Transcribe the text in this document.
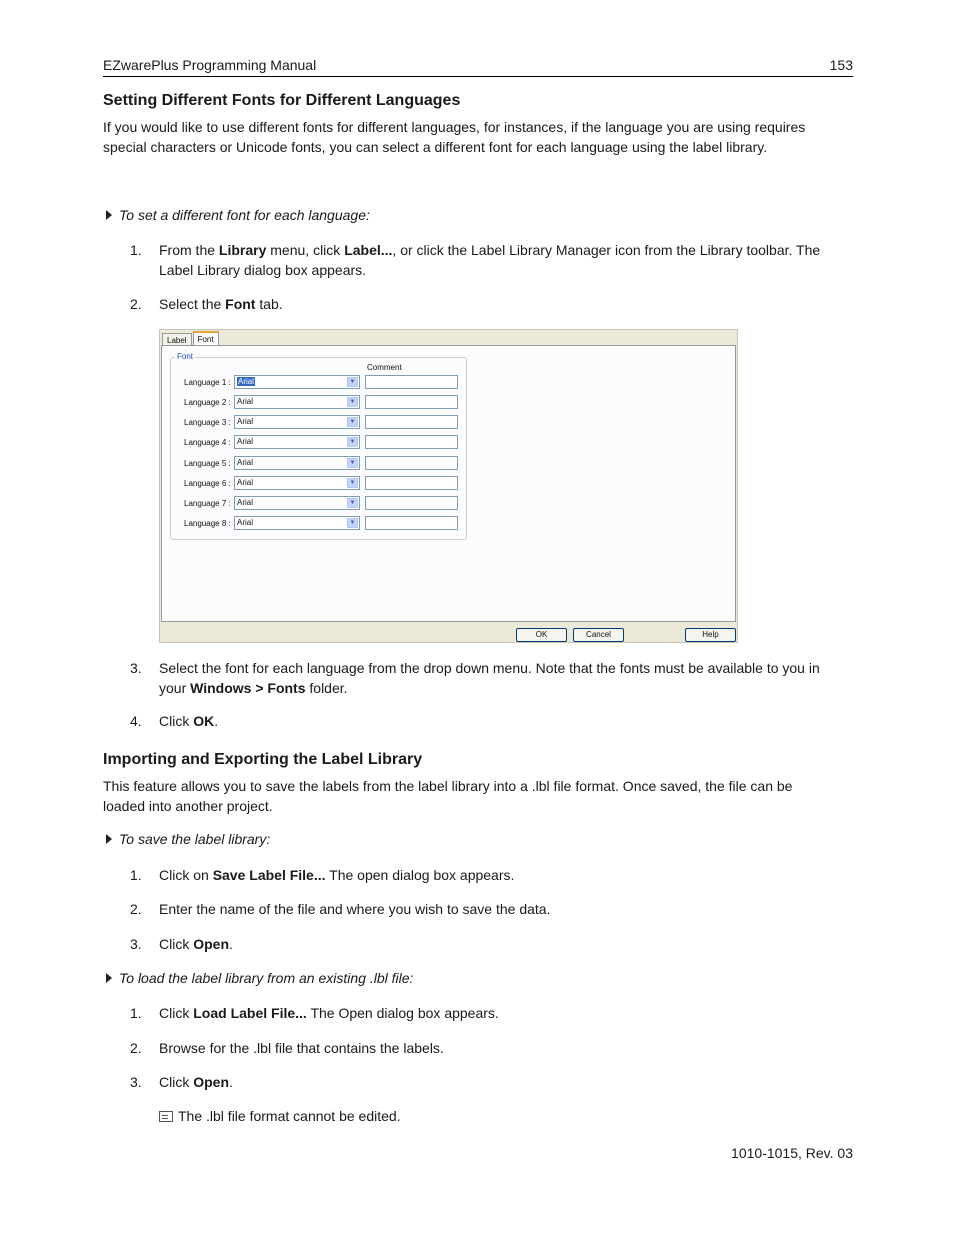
EZwarePlus Programming Manual	153
Setting Different Fonts for Different Languages
If you would like to use different fonts for different languages, for instances, if the language you are using requires
special characters or Unicode fonts, you can select a different font for each language using the label library.
To set a different font for each language:
1. From the Library menu, click Label..., or click the Label Library Manager icon from the Library toolbar. The
Label Library dialog box appears.
2. Select the Font tab.
Label	Font
Font
Comment
Language 1 : Arial	▼
Language 2 : Arial	▼
Language 3 : Arial	▼
Language 4 : Arial	▼
Language 5 : Arial	▼
Language 6 : Arial	▼
Language 7 : Arial	▼
Language 8 : Arial	▼
OK	Cancel	Help
3. Select the font for each language from the drop down menu. Note that the fonts must be available to you in
your Windows > Fonts folder.
4. Click OK.
Importing and Exporting the Label Library
This feature allows you to save the labels from the label library into a .lbl file format. Once saved, the file can be
loaded into another project.
To save the label library:
1. Click on Save Label File... The open dialog box appears.
2. Enter the name of the file and where you wish to save the data.
3. Click Open.
To load the label library from an existing .lbl file:
1. Click Load Label File... The Open dialog box appears.
2. Browse for the .lbl file that contains the labels.
3. Click Open.
The .lbl file format cannot be edited.
1010-1015, Rev. 03
